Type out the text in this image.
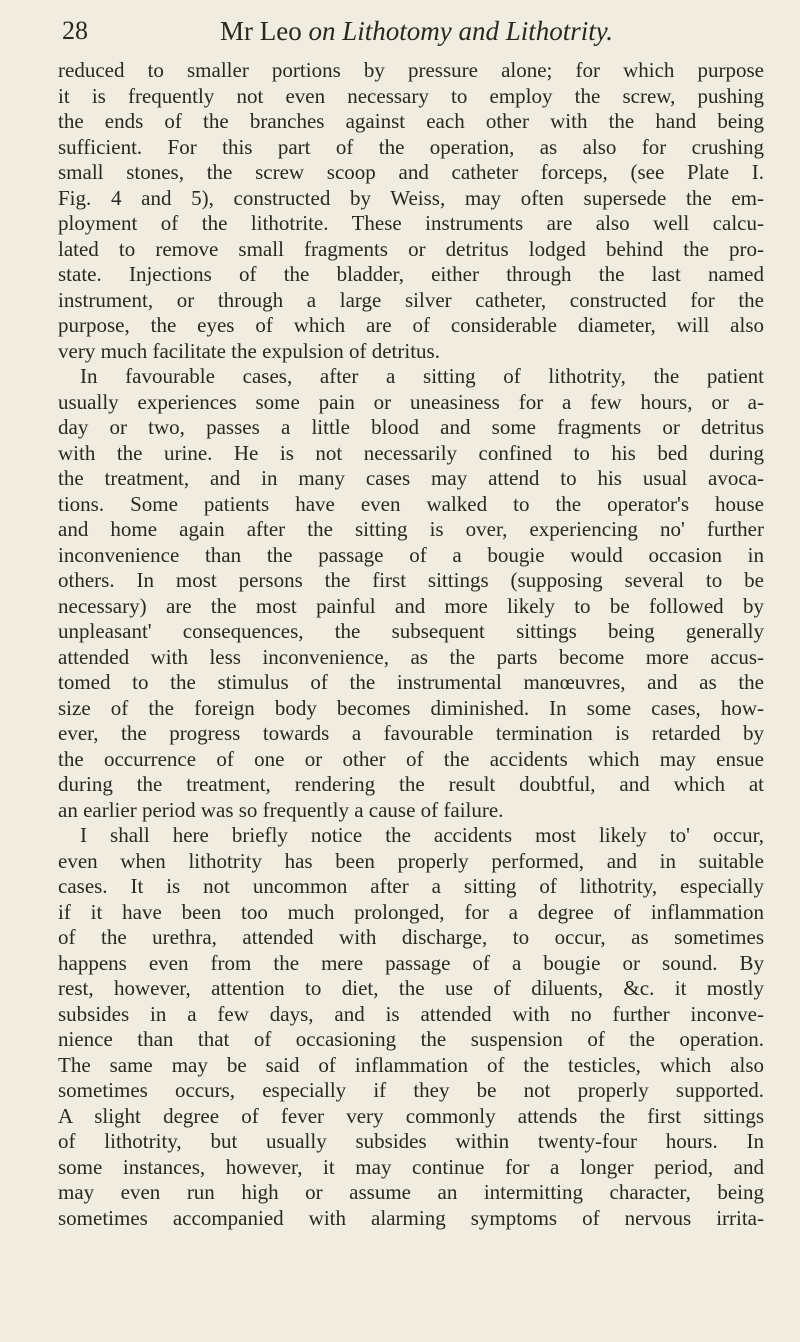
28	Mr Leo on Lithotomy and Lithotrity.
reduced to smaller portions by pressure alone; for which purpose
it is frequently not even necessary to employ the screw, pushing
the ends of the branches against each other with the hand being
sufficient. For this part of the operation, as also for crushing
small stones, the screw scoop and catheter forceps, (see Plate I.
Fig. 4 and 5), constructed by Weiss, may often supersede the em-
ployment of the lithotrite. These instruments are also well calcu-
lated to remove small fragments or detritus lodged behind the pro-
state. Injections of the bladder, either through the last named
instrument, or through a large silver catheter, constructed for the
purpose, the eyes of which are of considerable diameter, will also
very much facilitate the expulsion of detritus.
In favourable cases, after a sitting of lithotrity, the patient
usually experiences some pain or uneasiness for a few hours, or a-
day or two, passes a little blood and some fragments or detritus
with the urine. He is not necessarily confined to his bed during
the treatment, and in many cases may attend to his usual avoca-
tions. Some patients have even walked to the operator's house
and home again after the sitting is over, experiencing no' further
inconvenience than the passage of a bougie would occasion in
others. In most persons the first sittings (supposing several to be
necessary) are the most painful and more likely to be followed by
unpleasant' consequences, the subsequent sittings being generally
attended with less inconvenience, as the parts become more accus-
tomed to the stimulus of the instrumental manœuvres, and as the
size of the foreign body becomes diminished. In some cases, how-
ever, the progress towards a favourable termination is retarded by
the occurrence of one or other of the accidents which may ensue
during the treatment, rendering the result doubtful, and which at
an earlier period was so frequently a cause of failure.
I shall here briefly notice the accidents most likely to' occur,
even when lithotrity has been properly performed, and in suitable
cases. It is not uncommon after a sitting of lithotrity, especially
if it have been too much prolonged, for a degree of inflammation
of the urethra, attended with discharge, to occur, as sometimes
happens even from the mere passage of a bougie or sound. By
rest, however, attention to diet, the use of diluents, &c. it mostly
subsides in a few days, and is attended with no further inconve-
nience than that of occasioning the suspension of the operation.
The same may be said of inflammation of the testicles, which also
sometimes occurs, especially if they be not properly supported.
A slight degree of fever very commonly attends the first sittings
of lithotrity, but usually subsides within twenty-four hours. In
some instances, however, it may continue for a longer period, and
may even run high or assume an intermitting character, being
sometimes accompanied with alarming symptoms of nervous irrita-
